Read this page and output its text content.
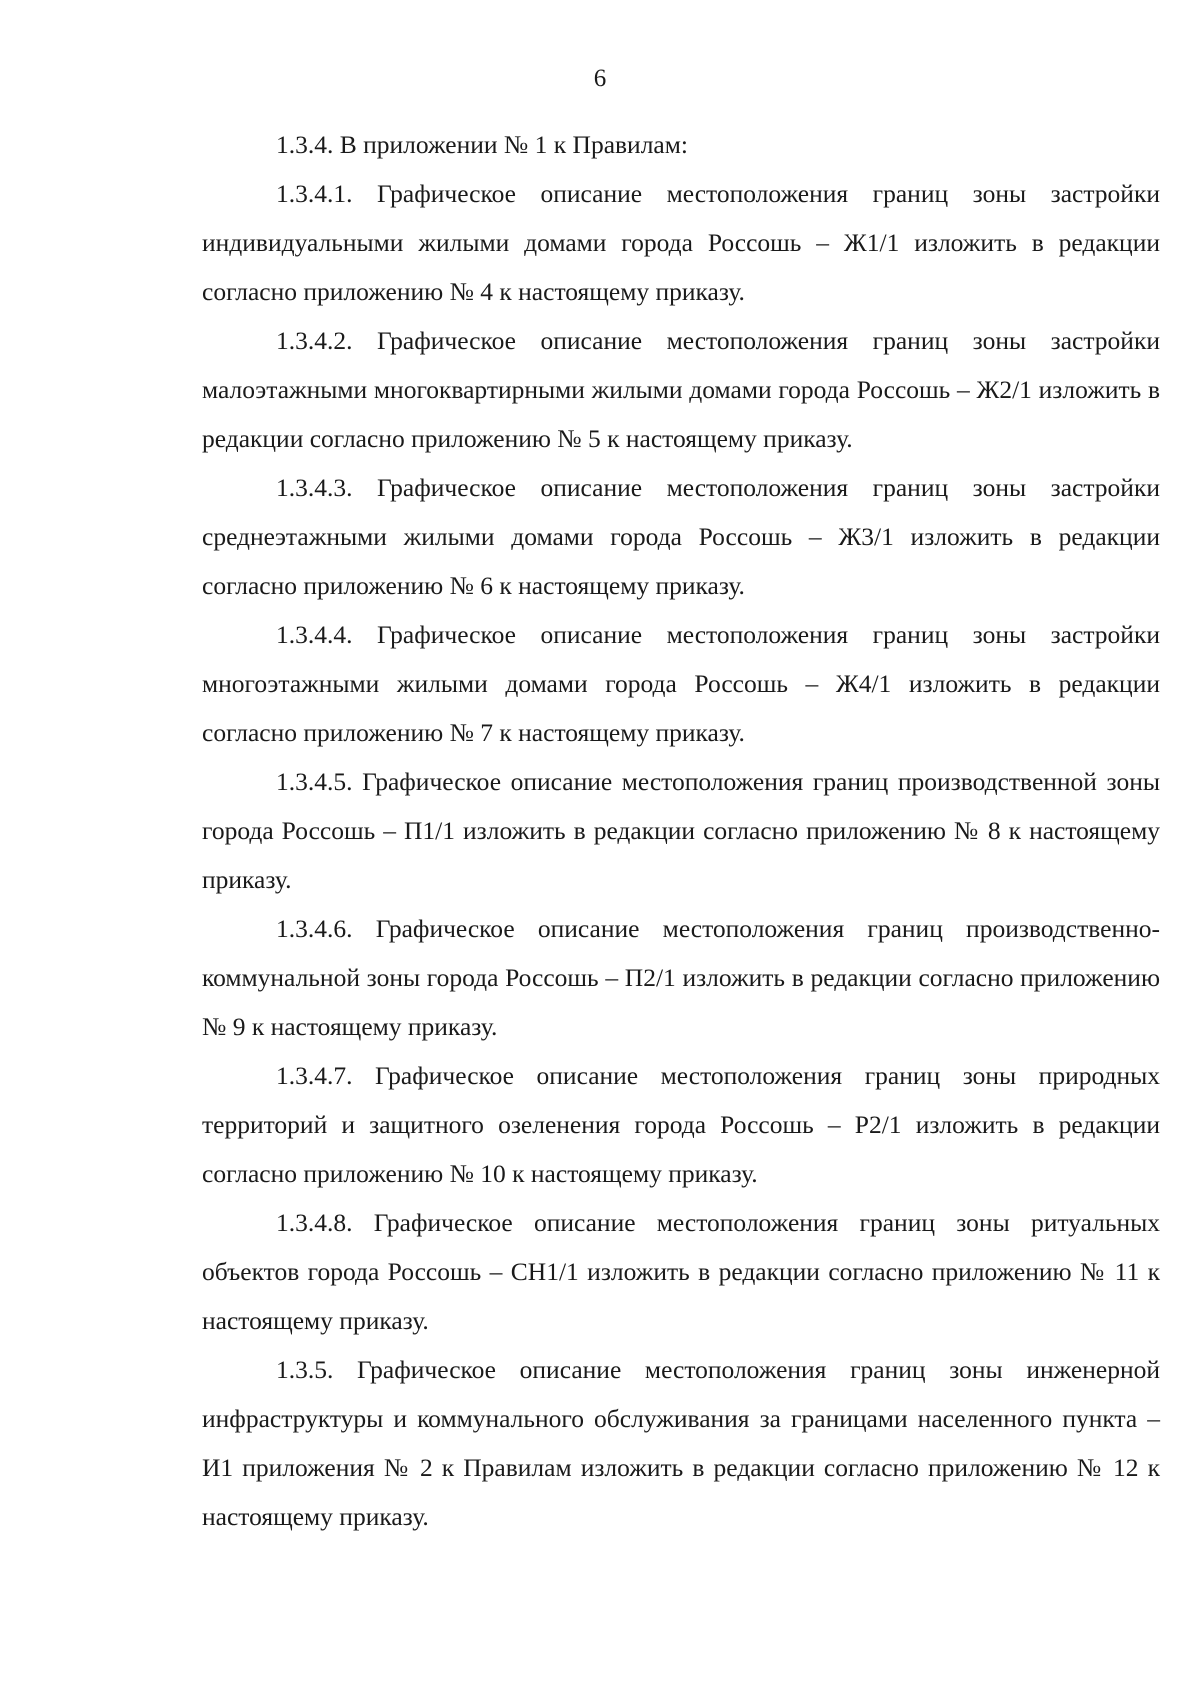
6

1.3.4. В приложении № 1 к Правилам:

1.3.4.1. Графическое описание местоположения границ зоны застройки индивидуальными жилыми домами города Россошь – Ж1/1 изложить в редакции согласно приложению № 4 к настоящему приказу.

1.3.4.2. Графическое описание местоположения границ зоны застройки малоэтажными многоквартирными жилыми домами города Россошь – Ж2/1 изложить в редакции согласно приложению № 5 к настоящему приказу.

1.3.4.3. Графическое описание местоположения границ зоны застройки среднеэтажными жилыми домами города Россошь – Ж3/1 изложить в редакции согласно приложению № 6 к настоящему приказу.

1.3.4.4. Графическое описание местоположения границ зоны застройки многоэтажными жилыми домами города Россошь – Ж4/1 изложить в редакции согласно приложению № 7 к настоящему приказу.

1.3.4.5. Графическое описание местоположения границ производственной зоны города Россошь – П1/1 изложить в редакции согласно приложению № 8 к настоящему приказу.

1.3.4.6. Графическое описание местоположения границ производственно-коммунальной зоны города Россошь – П2/1 изложить в редакции согласно приложению № 9 к настоящему приказу.

1.3.4.7. Графическое описание местоположения границ зоны природных территорий и защитного озеленения города Россошь – Р2/1 изложить в редакции согласно приложению № 10 к настоящему приказу.

1.3.4.8. Графическое описание местоположения границ зоны ритуальных объектов города Россошь – СН1/1 изложить в редакции согласно приложению № 11 к настоящему приказу.

1.3.5. Графическое описание местоположения границ зоны инженерной инфраструктуры и коммунального обслуживания за границами населенного пункта – И1 приложения № 2 к Правилам изложить в редакции согласно приложению № 12 к настоящему приказу.
